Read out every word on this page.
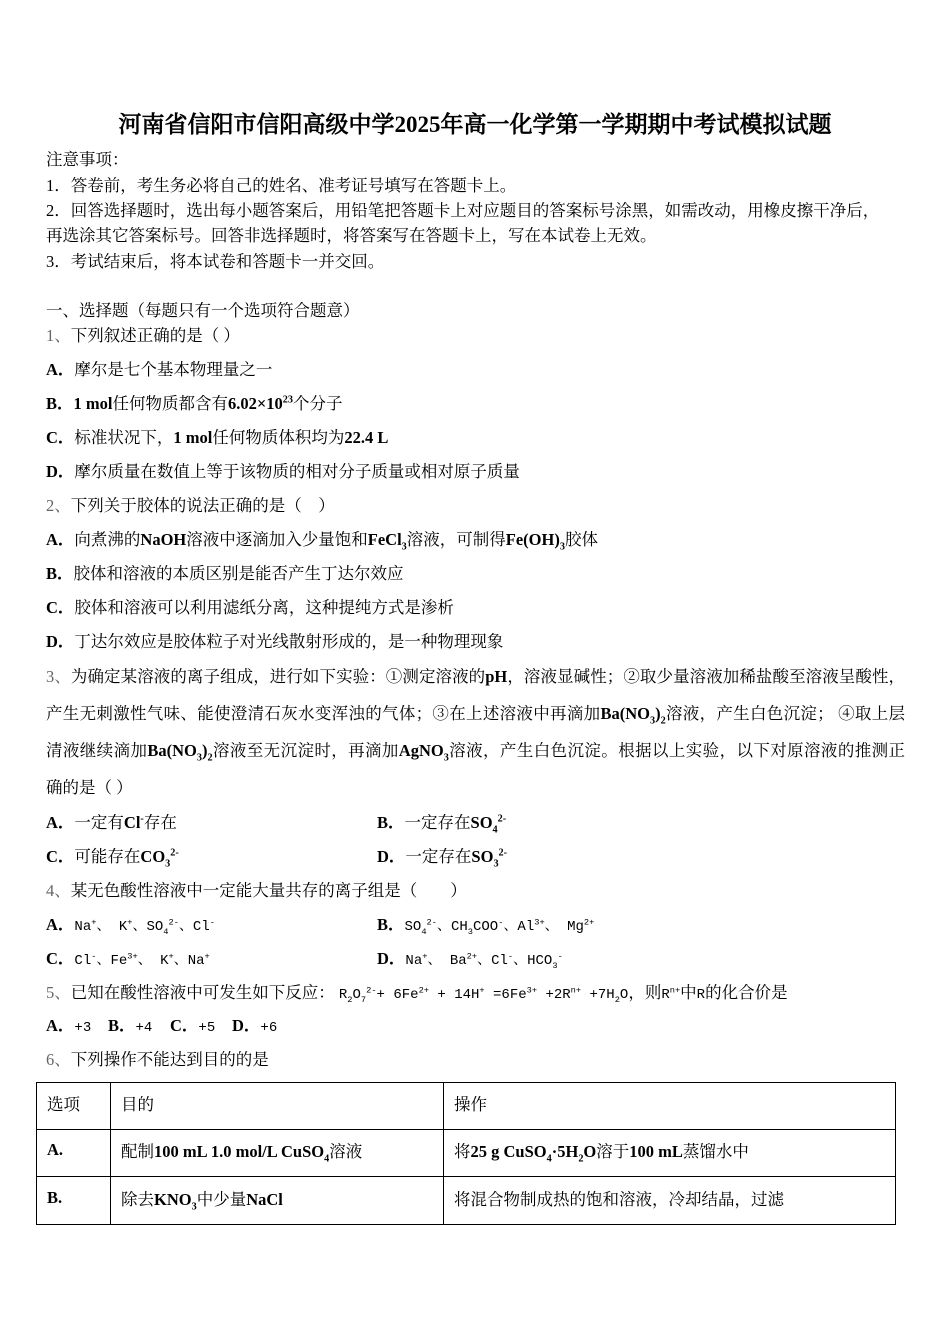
河南省信阳市信阳高级中学2025年高一化学第一学期期中考试模拟试题
注意事项：
1．答卷前，考生务必将自己的姓名、准考证号填写在答题卡上。
2．回答选择题时，选出每小题答案后，用铅笔把答题卡上对应题目的答案标号涂黑，如需改动，用橡皮擦干净后，
再选涂其它答案标号。回答非选择题时，将答案写在答题卡上，写在本试卷上无效。
3．考试结束后，将本试卷和答题卡一并交回。
一、选择题（每题只有一个选项符合题意）
1、下列叙述正确的是（ ）
A．摩尔是七个基本物理量之一
B．1 mol任何物质都含有$6.02\times 10^{23}$个分子
C．标准状况下，1 mol任何物质体积均为22.4 L
D．摩尔质量在数值上等于该物质的相对分子质量或相对原子质量
2、下列关于胶体的说法正确的是（　）
A．向煮沸的NaOH溶液中逐滴加入少量饱和FeCl$_3$溶液，可制得$Fe(OH)_3$胶体
B．胶体和溶液的本质区别是能否产生丁达尔效应
C．胶体和溶液可以利用滤纸分离，这种提纯方式是渗析
D．丁达尔效应是胶体粒子对光线散射形成的，是一种物理现象
3、为确定某溶液的离子组成，进行如下实验：①测定溶液的pH，溶液显碱性；②取少量溶液加稀盐酸至溶液呈酸性，
产生无刺激性气味、能使澄清石灰水变浑浊的气体；③在上述溶液中再滴加$Ba(NO_3)_2$溶液，产生白色沉淀； ④取上层
清液继续滴加$Ba(NO_3)_2$溶液至无沉淀时，再滴加AgNO$_3$溶液，产生白色沉淀。根据以上实验，以下对原溶液的推测正
确的是（ ）
A．一定有Cl-存在	B．一定存在$SO_4^{2-}$
C．可能存在$CO_3^{2-}$	D．一定存在$SO_3^{2-}$
4、某无色酸性溶液中一定能大量共存的离子组是（　　）
A．Na+、 K+、$SO_4^{2-}$、Cl-	B．$SO_4^{2-}$、$CH_3COO^-$、$Al^{3+}$、 $Mg^{2+}$
C．Cl-、$Fe^{3+}$、 K+、Na+	D．Na+、 $Ba^{2+}$、Cl-、$HCO_3^-$
5、已知在酸性溶液中可发生如下反应： $R_2O_7^{2-}+ 6Fe^{2+} + 14H^+ =6Fe^{3+} +2R^{n+} +7H_2O$，则$R^{n+}$中R的化合价是
A．+3 B．+4 C．+5 D．+6
6、下列操作不能达到目的的是
选项	目的	操作
A.	配制100 mL 1.0 mol/L CuSO$_4$溶液	将25 g $CuSO_4\cdot 5H_2O$溶于100 mL蒸馏水中
B.	除去$KNO_3$中少量NaCl	将混合物制成热的饱和溶液，冷却结晶，过滤
